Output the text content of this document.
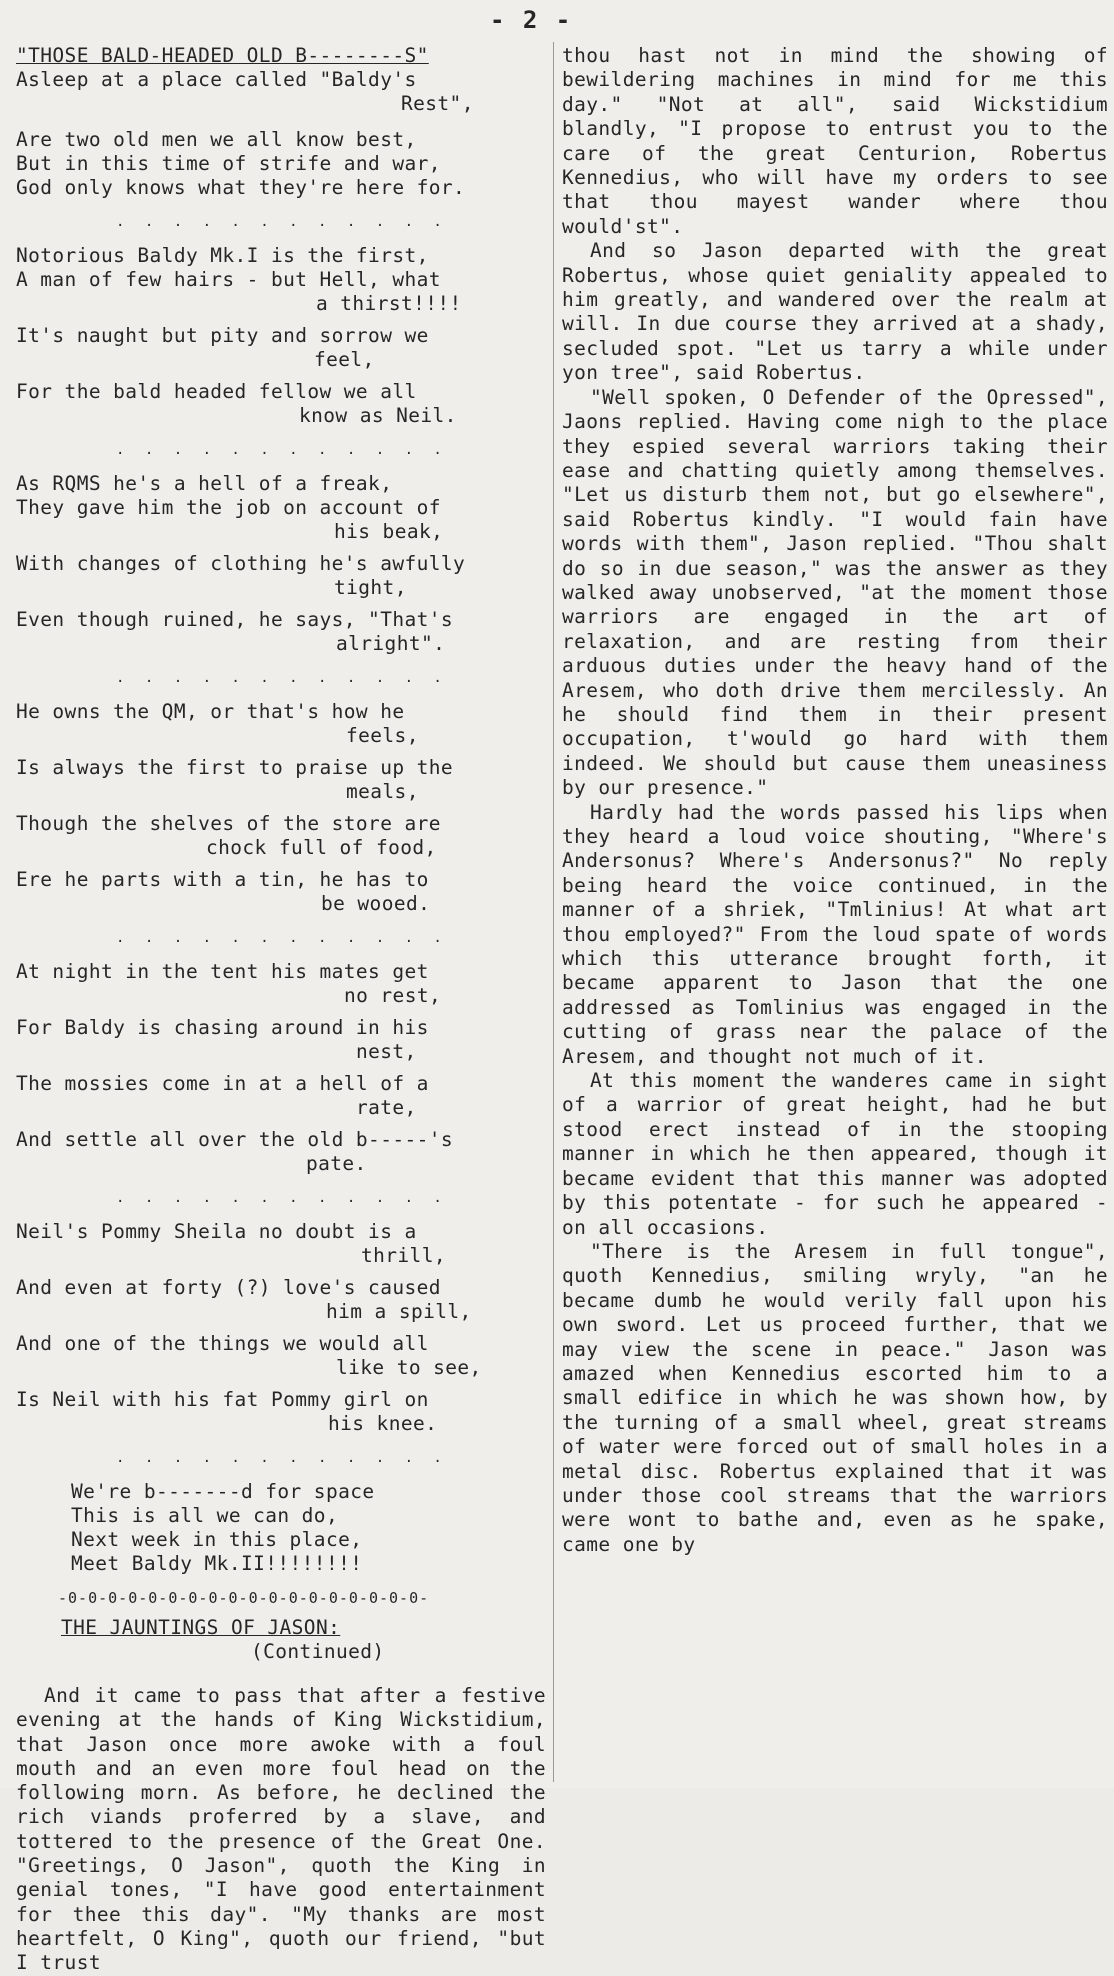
- 2 -
"THOSE BALD-HEADED OLD B--------S"
Asleep at a place called "Baldy's
Rest",
Are two old men we all know best,
But in this time of strife and war,
God only knows what they're here for.
. . . . . . . . . . . .
Notorious Baldy Mk.I is the first,
A man of few hairs - but Hell, what
a thirst!!!!
It's naught but pity and sorrow we
feel,
For the bald headed fellow we all
know as Neil.
. . . . . . . . . . . .
As RQMS he's a hell of a freak,
They gave him the job on account of
his beak,
With changes of clothing he's awfully
tight,
Even though ruined, he says, "That's
alright".
. . . . . . . . . . . .
He owns the QM, or that's how he
feels,
Is always the first to praise up the
meals,
Though the shelves of the store are
chock full of food,
Ere he parts with a tin, he has to
be wooed.
. . . . . . . . . . . .
At night in the tent his mates get
no rest,
For Baldy is chasing around in his
nest,
The mossies come in at a hell of a
rate,
And settle all over the old b-----'s
pate.
. . . . . . . . . . . .
Neil's Pommy Sheila no doubt is a
thrill,
And even at forty (?) love's caused
him a spill,
And one of the things we would all
like to see,
Is Neil with his fat Pommy girl on
his knee.
. . . . . . . . . . . .
We're b-------d for space
This is all we can do,
Next week in this place,
Meet Baldy Mk.II!!!!!!!!
-0-0-0-0-0-0-0-0-0-0-0-0-0-0-0-0-0-0-
THE JAUNTINGS OF JASON:
(Continued)

And it came to pass that after a festive evening at the hands of King Wickstidium, that Jason once more awoke with a foul mouth and an even more foul head on the following morn. As before, he declined the rich viands proferred by a slave, and tottered to the presence of the Great One. "Greetings, O Jason", quoth the King in genial tones, "I have good entertainment for thee this day". "My thanks are most heartfelt, O King", quoth our friend, "but I trust

thou hast not in mind the showing of bewildering machines in mind for me this day." "Not at all", said Wickstidium blandly, "I propose to entrust you to the care of the great Centurion, Robertus Kennedius, who will have my orders to see that thou mayest wander where thou would'st".

And so Jason departed with the great Robertus, whose quiet geniality appealed to him greatly, and wandered over the realm at will. In due course they arrived at a shady, secluded spot. "Let us tarry a while under yon tree", said Robertus.

"Well spoken, O Defender of the Opressed", Jaons replied. Having come nigh to the place they espied several warriors taking their ease and chatting quietly among themselves. "Let us disturb them not, but go elsewhere", said Robertus kindly. "I would fain have words with them", Jason replied. "Thou shalt do so in due season," was the answer as they walked away unobserved, "at the moment those warriors are engaged in the art of relaxation, and are resting from their arduous duties under the heavy hand of the Aresem, who doth drive them mercilessly. An he should find them in their present occupation, t'would go hard with them indeed. We should but cause them uneasiness by our presence."

Hardly had the words passed his lips when they heard a loud voice shouting, "Where's Andersonus? Where's Andersonus?" No reply being heard the voice continued, in the manner of a shriek, "Tmlinius! At what art thou employed?" From the loud spate of words which this utterance brought forth, it became apparent to Jason that the one addressed as Tomlinius was engaged in the cutting of grass near the palace of the Aresem, and thought not much of it.

At this moment the wanderes came in sight of a warrior of great height, had he but stood erect instead of in the stooping manner in which he then appeared, though it became evident that this manner was adopted by this potentate - for such he appeared - on all occasions.

"There is the Aresem in full tongue", quoth Kennedius, smiling wryly, "an he became dumb he would verily fall upon his own sword. Let us proceed further, that we may view the scene in peace." Jason was amazed when Kennedius escorted him to a small edifice in which he was shown how, by the turning of a small wheel, great streams of water were forced out of small holes in a metal disc. Robertus explained that it was under those cool streams that the warriors were wont to bathe and, even as he spake, came one by
